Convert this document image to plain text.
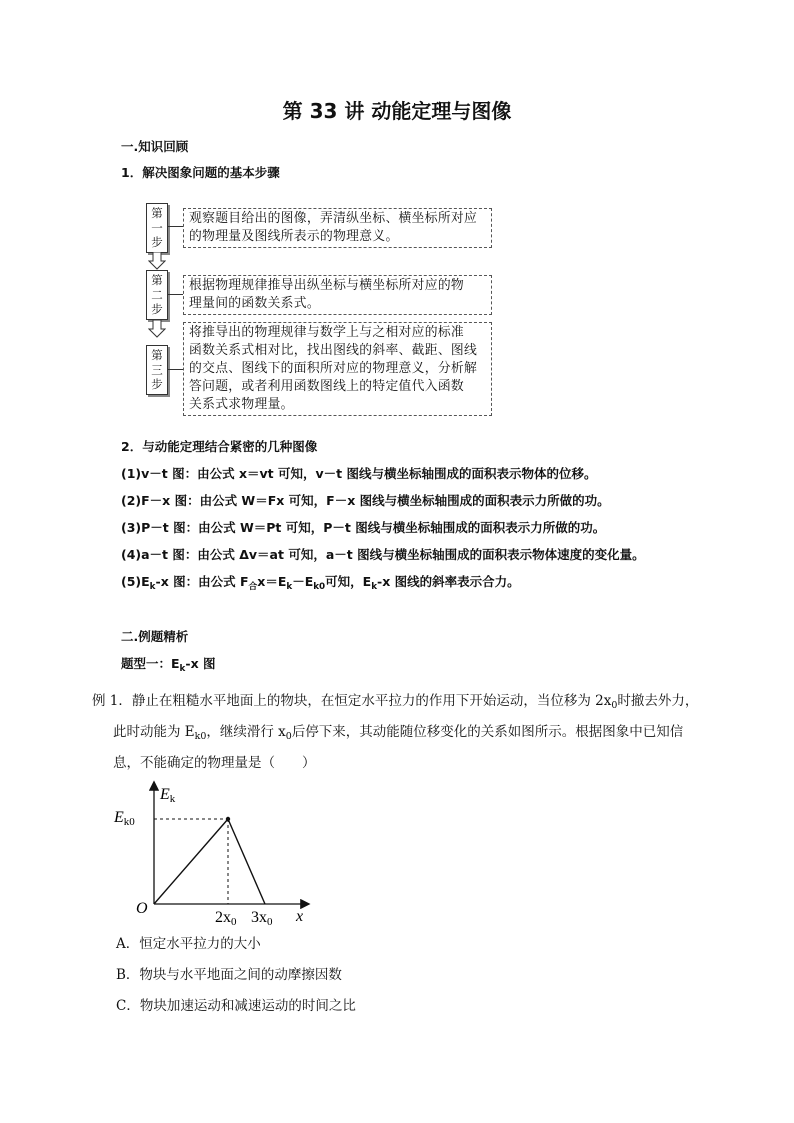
第 33 讲 动能定理与图像
一.知识回顾
1．解决图象问题的基本步骤
第
一
步
观察题目给出的图像，弄清纵坐标、横坐标所对应
的物理量及图线所表示的物理意义。
第
二
步
根据物理规律推导出纵坐标与横坐标所对应的物
理量间的函数关系式。
第
三
步
将推导出的物理规律与数学上与之相对应的标准
函数关系式相对比，找出图线的斜率、截距、图线
的交点、图线下的面积所对应的物理意义，分析解
答问题，或者利用函数图线上的特定值代入函数
关系式求物理量。
2．与动能定理结合紧密的几种图像
(1)v－t 图：由公式 x＝vt 可知，v－t 图线与横坐标轴围成的面积表示物体的位移。
(2)F－x 图：由公式 W＝Fx 可知，F－x 图线与横坐标轴围成的面积表示力所做的功。
(3)P－t 图：由公式 W＝Pt 可知，P－t 图线与横坐标轴围成的面积表示力所做的功。
(4)a－t 图：由公式 Δv＝at 可知，a－t 图线与横坐标轴围成的面积表示物体速度的变化量。
$(5)E_k-x$ 图：由公式 $F_合x=E_k-E_{k0}$可知，$E_k-x$ 图线的斜率表示合力。
二.例题精析
题型一：$E_k-x$ 图
例 1．静止在粗糙水平地面上的物块，在恒定水平拉力的作用下开始运动，当位移为 $2x_0$时撤去外力，
此时动能为 $E_{k0}$，继续滑行 $x_0$后停下来，其动能随位移变化的关系如图所示。根据图象中已知信
息，不能确定的物理量是（　　）
Ek
Ek0
O
2x0 3x0 x
A．恒定水平拉力的大小
B．物块与水平地面之间的动摩擦因数
C．物块加速运动和减速运动的时间之比
